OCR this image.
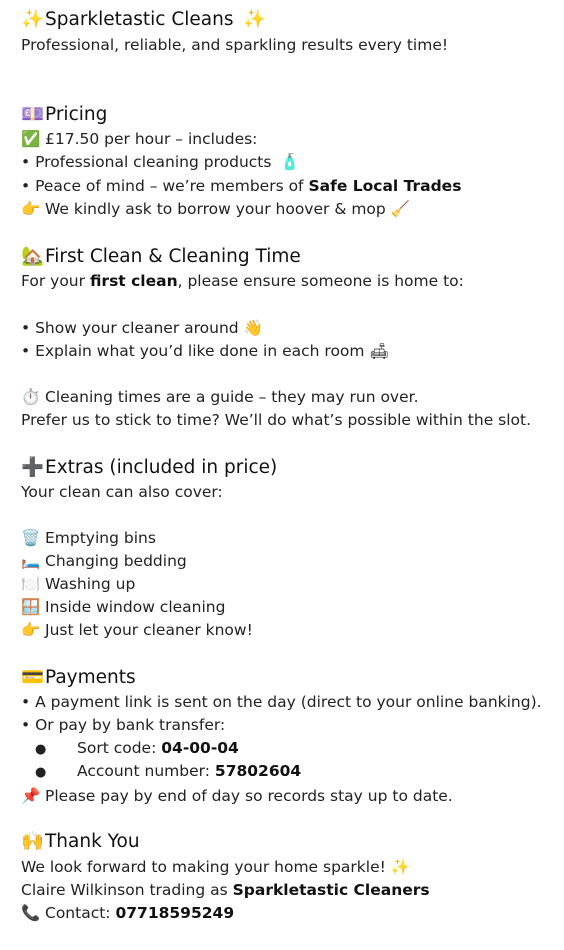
✨Sparkletastic Cleans ✨
Professional, reliable, and sparkling results every time!
💷Pricing
✅ £17.50 per hour – includes:
• Professional cleaning products 🧴
• Peace of mind – we’re members of Safe Local Trades
👉 We kindly ask to borrow your hoover & mop 🧹
🏡First Clean & Cleaning Time
For your first clean, please ensure someone is home to:
• Show your cleaner around 👋
• Explain what you’d like done in each room 🛋
⏱️ Cleaning times are a guide – they may run over.
Prefer us to stick to time? We’ll do what’s possible within the slot.
➕Extras (included in price)
Your clean can also cover:
🗑️ Emptying bins
🛏️ Changing bedding
🍽️ Washing up
🪟 Inside window cleaning
👉 Just let your cleaner know!
💳Payments
• A payment link is sent on the day (direct to your online banking).
• Or pay by bank transfer:
● Sort code: 04-00-04
● Account number: 57802604
📌 Please pay by end of day so records stay up to date.
🙌Thank You
We look forward to making your home sparkle! ✨
Claire Wilkinson trading as Sparkletastic Cleaners
📞 Contact: 07718595249
